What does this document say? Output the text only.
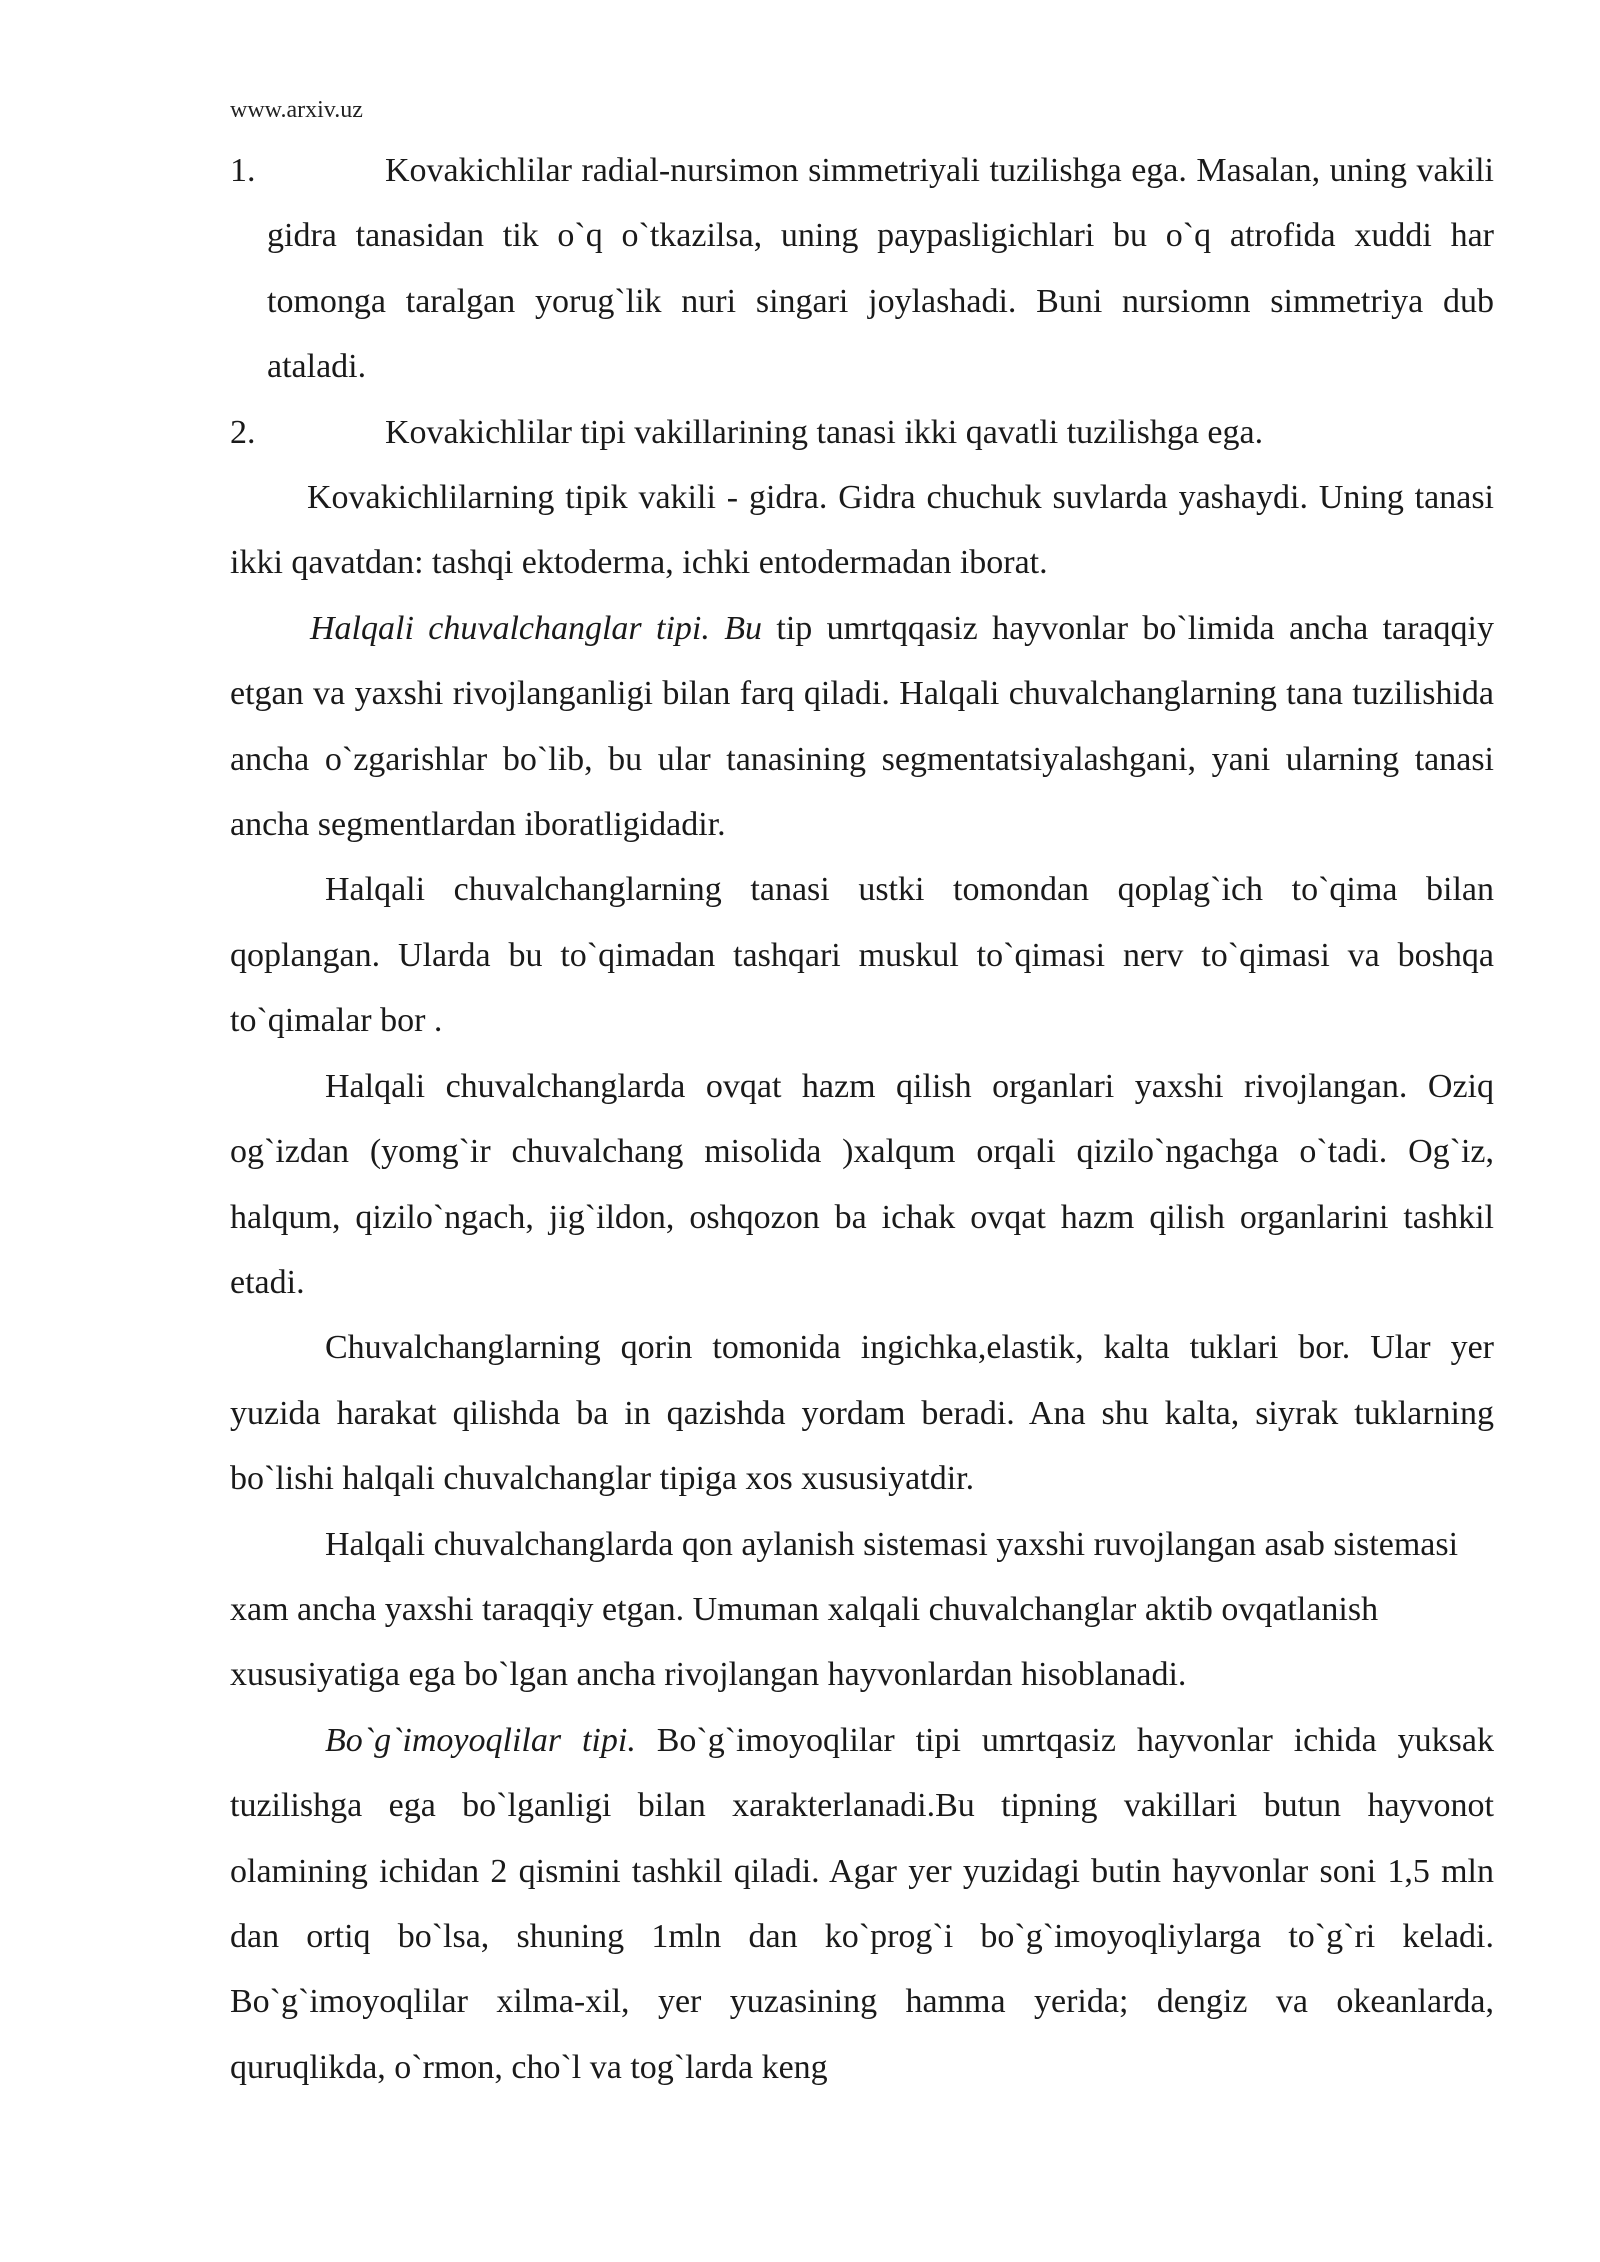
www.arxiv.uz
1.	Kovakichlilar radial-nursimon simmetriyali tuzilishga ega. Masalan, uning vakili gidra tanasidan tik o`q o`tkazilsa, uning paypasligichlari bu o`q atrofida xuddi har tomonga taralgan yorug`lik nuri singari joylashadi. Buni nursiomn simmetriya dub ataladi.
2.	Kovakichlilar tipi vakillarining tanasi ikki qavatli tuzilishga ega.

Kovakichlilarning tipik vakili - gidra. Gidra chuchuk suvlarda yashaydi. Uning tanasi ikki qavatdan: tashqi ektoderma, ichki entodermadan iborat.

Halqali chuvalchanglar tipi. Bu tip umrtqqasiz hayvonlar bo`limida ancha taraqqiy etgan va yaxshi rivojlanganligi bilan farq qiladi. Halqali chuvalchanglarning tana tuzilishida ancha o`zgarishlar bo`lib, bu ular tanasining segmentatsiyalashgani, yani ularning tanasi ancha segmentlardan iboratligidadir.

Halqali chuvalchanglarning tanasi ustki tomondan qoplag`ich to`qima bilan qoplangan. Ularda bu to`qimadan tashqari muskul to`qimasi nerv to`qimasi va boshqa to`qimalar bor .

Halqali chuvalchanglarda ovqat hazm qilish organlari yaxshi rivojlangan. Oziq og`izdan (yomg`ir chuvalchang misolida )xalqum orqali qizilo`ngachga o`tadi. Og`iz, halqum, qizilo`ngach, jig`ildon, oshqozon ba ichak ovqat hazm qilish organlarini tashkil etadi.

Chuvalchanglarning qorin tomonida ingichka,elastik, kalta tuklari bor. Ular yer yuzida harakat qilishda ba in qazishda yordam beradi. Ana shu kalta, siyrak tuklarning bo`lishi halqali chuvalchanglar tipiga xos xususiyatdir.

Halqali chuvalchanglarda qon aylanish sistemasi yaxshi ruvojlangan asab sistemasi xam ancha yaxshi taraqqiy etgan. Umuman xalqali chuvalchanglar aktib ovqatlanish xususiyatiga ega bo`lgan ancha rivojlangan hayvonlardan hisoblanadi.

Bo`g`imoyoqlilar tipi. Bo`g`imoyoqlilar tipi umrtqasiz hayvonlar ichida yuksak tuzilishga ega bo`lganligi bilan xarakterlanadi.Bu tipning vakillari butun hayvonot olamining ichidan 2 qismini tashkil qiladi. Agar yer yuzidagi butin hayvonlar soni 1,5 mln dan ortiq bo`lsa, shuning 1mln dan ko`prog`i bo`g`imoyoqliylarga to`g`ri keladi. Bo`g`imoyoqlilar xilma-xil, yer yuzasining hamma yerida; dengiz va okeanlarda, quruqlikda, o`rmon, cho`l va tog`larda keng
